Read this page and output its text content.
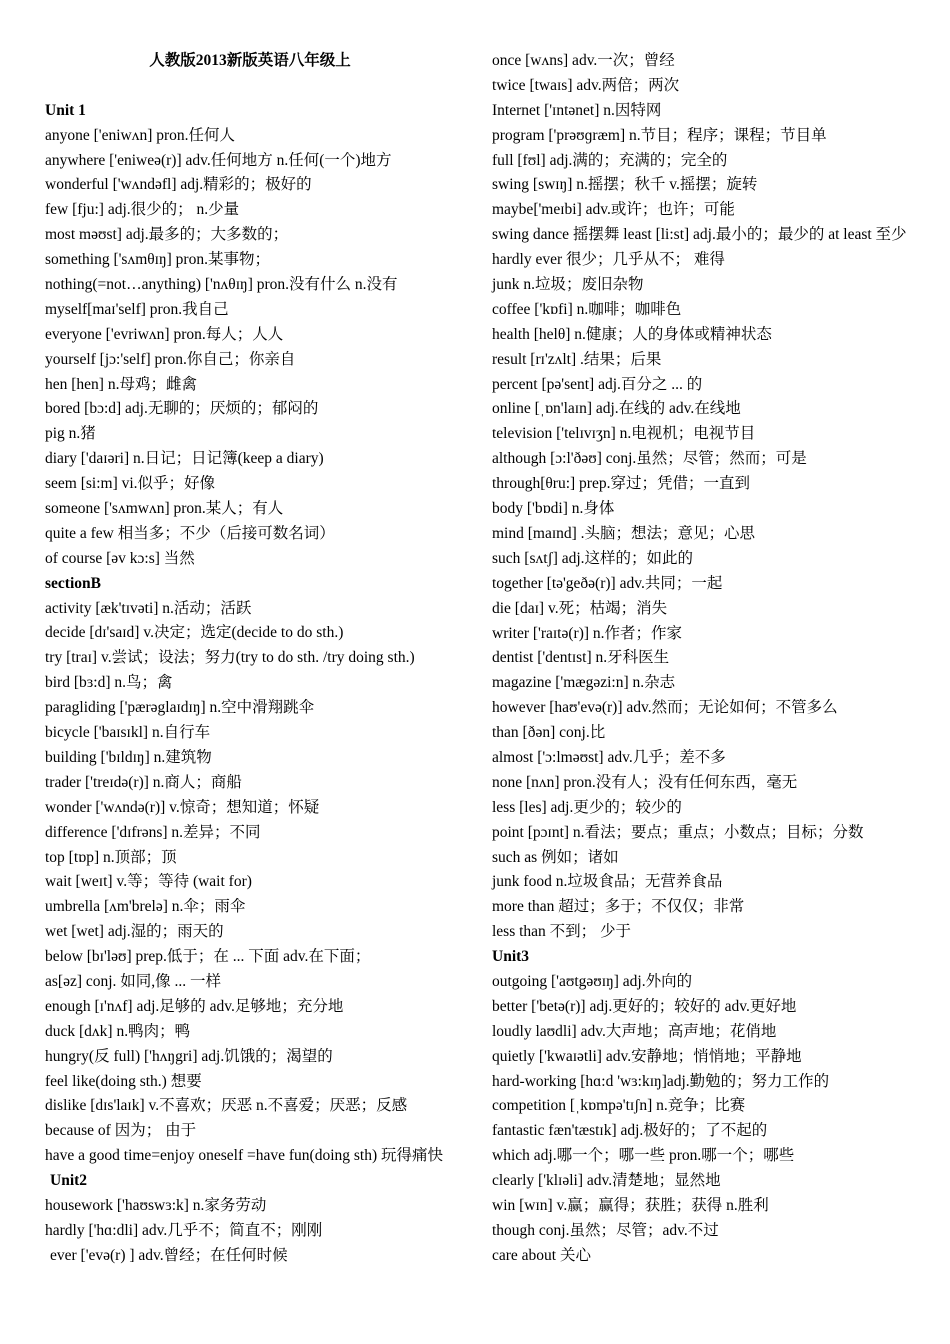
人教版2013新版英语八年级上
Unit 1
anyone ['eniwʌn] pron.任何人
anywhere ['eniweə(r)] adv.任何地方 n.任何(一个)地方
wonderful ['wʌndəfl] adj.精彩的；极好的
few [fju:] adj.很少的； n.少量
most məʊst] adj.最多的；大多数的；
something ['sʌmθɪŋ] pron.某事物；
nothing(=not…anything) ['nʌθɪŋ] pron.没有什么 n.没有
myself[maɪ'self] pron.我自己
everyone ['evriwʌn] pron.每人；人人
yourself [jɔ:'self] pron.你自己；你亲自
hen [hen] n.母鸡；雌禽
bored [bɔ:d] adj.无聊的；厌烦的；郁闷的
pig n.猪
diary ['daɪəri] n.日记；日记簿(keep a diary)
seem [si:m] vi.似乎；好像
someone ['sʌmwʌn] pron.某人；有人
quite a few 相当多；不少（后接可数名词）
of course [əv kɔ:s] 当然
sectionB
activity [æk'tɪvəti] n.活动；活跃
decide [dɪ'saɪd] v.决定；选定(decide to do sth.)
try [traɪ] v.尝试；设法；努力(try to do sth. /try doing sth.)
bird [bɜ:d] n.鸟；禽
paragliding ['pærəglaɪdɪŋ] n.空中滑翔跳伞
bicycle ['baɪsɪkl] n.自行车
building ['bɪldɪŋ] n.建筑物
trader ['treɪdə(r)] n.商人；商船
wonder ['wʌndə(r)] v.惊奇；想知道；怀疑
difference ['dɪfrəns] n.差异；不同
top [tɒp] n.顶部；顶
wait [weɪt] v.等；等待 (wait for)
umbrella [ʌm'brelə] n.伞；雨伞
wet [wet] adj.湿的；雨天的
below [bɪ'ləʊ] prep.低于；在 ... 下面 adv.在下面；
as[əz] conj. 如同,像 ... 一样
enough [ɪ'nʌf] adj.足够的 adv.足够地；充分地
duck [dʌk] n.鸭肉；鸭
hungry(反 full) ['hʌŋgri] adj.饥饿的；渴望的
feel like(doing sth.) 想要
dislike [dɪs'laɪk] v.不喜欢；厌恶 n.不喜爱；厌恶；反感
because of 因为； 由于
have a good time=enjoy oneself =have fun(doing sth) 玩得痛快
Unit2
housework ['haʊswɜ:k] n.家务劳动
hardly ['hɑ:dli] adv.几乎不；简直不；刚刚
ever ['evə(r) ] adv.曾经；在任何时候
once [wʌns] adv.一次；曾经
twice [twaɪs] adv.两倍；两次
Internet ['ɪntənet] n.因特网
program ['prəʊɡræm] n.节目；程序；课程；节目单
full [fʊl] adj.满的；充满的；完全的
swing [swɪŋ] n.摇摆；秋千 v.摇摆；旋转
maybe['meɪbi] adv.或许；也许；可能
swing dance 摇摆舞 least [li:st] adj.最小的；最少的 at least 至少
hardly ever 很少；几乎从不； 难得
junk n.垃圾；废旧杂物
coffee ['kɒfi] n.咖啡；咖啡色
health [helθ] n.健康；人的身体或精神状态
result [rɪ'zʌlt] .结果；后果
percent [pə'sent] adj.百分之 ... 的
online [ˌɒn'laɪn] adj.在线的 adv.在线地
television ['telɪvɪʒn] n.电视机；电视节目
although [ɔ:l'ðəʊ] conj.虽然；尽管；然而；可是
through[θru:] prep.穿过；凭借；一直到
body ['bɒdi] n.身体
mind [maɪnd] .头脑；想法；意见；心思
such [sʌtʃ] adj.这样的；如此的
together [tə'geðə(r)] adv.共同；一起
die [daɪ] v.死；枯竭；消失
writer ['raɪtə(r)] n.作者；作家
dentist ['dentɪst] n.牙科医生
magazine ['mægəzi:n] n.杂志
however [haʊ'evə(r)] adv.然而；无论如何；不管多么
than [ðən] conj.比
almost ['ɔ:lməʊst] adv.几乎；差不多
none [nʌn] pron.没有人；没有任何东西，毫无
less [les] adj.更少的；较少的
point [pɔɪnt] n.看法；要点；重点；小数点；目标；分数
such as 例如；诸如
junk food n.垃圾食品；无营养食品
more than 超过；多于；不仅仅；非常
less than 不到； 少于
Unit3
outgoing ['aʊtgəʊɪŋ] adj.外向的
better ['betə(r)] adj.更好的；较好的 adv.更好地
loudly laʊdli] adv.大声地；高声地；花俏地
quietly ['kwaɪətli] adv.安静地；悄悄地；平静地
hard-working [hɑ:d 'wɜ:kɪŋ]adj.勤勉的；努力工作的
competition [ˌkɒmpə'tɪʃn] n.竞争；比赛
fantastic fæn'tæstɪk] adj.极好的；了不起的
which adj.哪一个；哪一些 pron.哪一个；哪些
clearly ['klɪəli] adv.清楚地；显然地
win [wɪn] v.赢；赢得；获胜；获得 n.胜利
though conj.虽然；尽管；adv.不过
care about 关心
